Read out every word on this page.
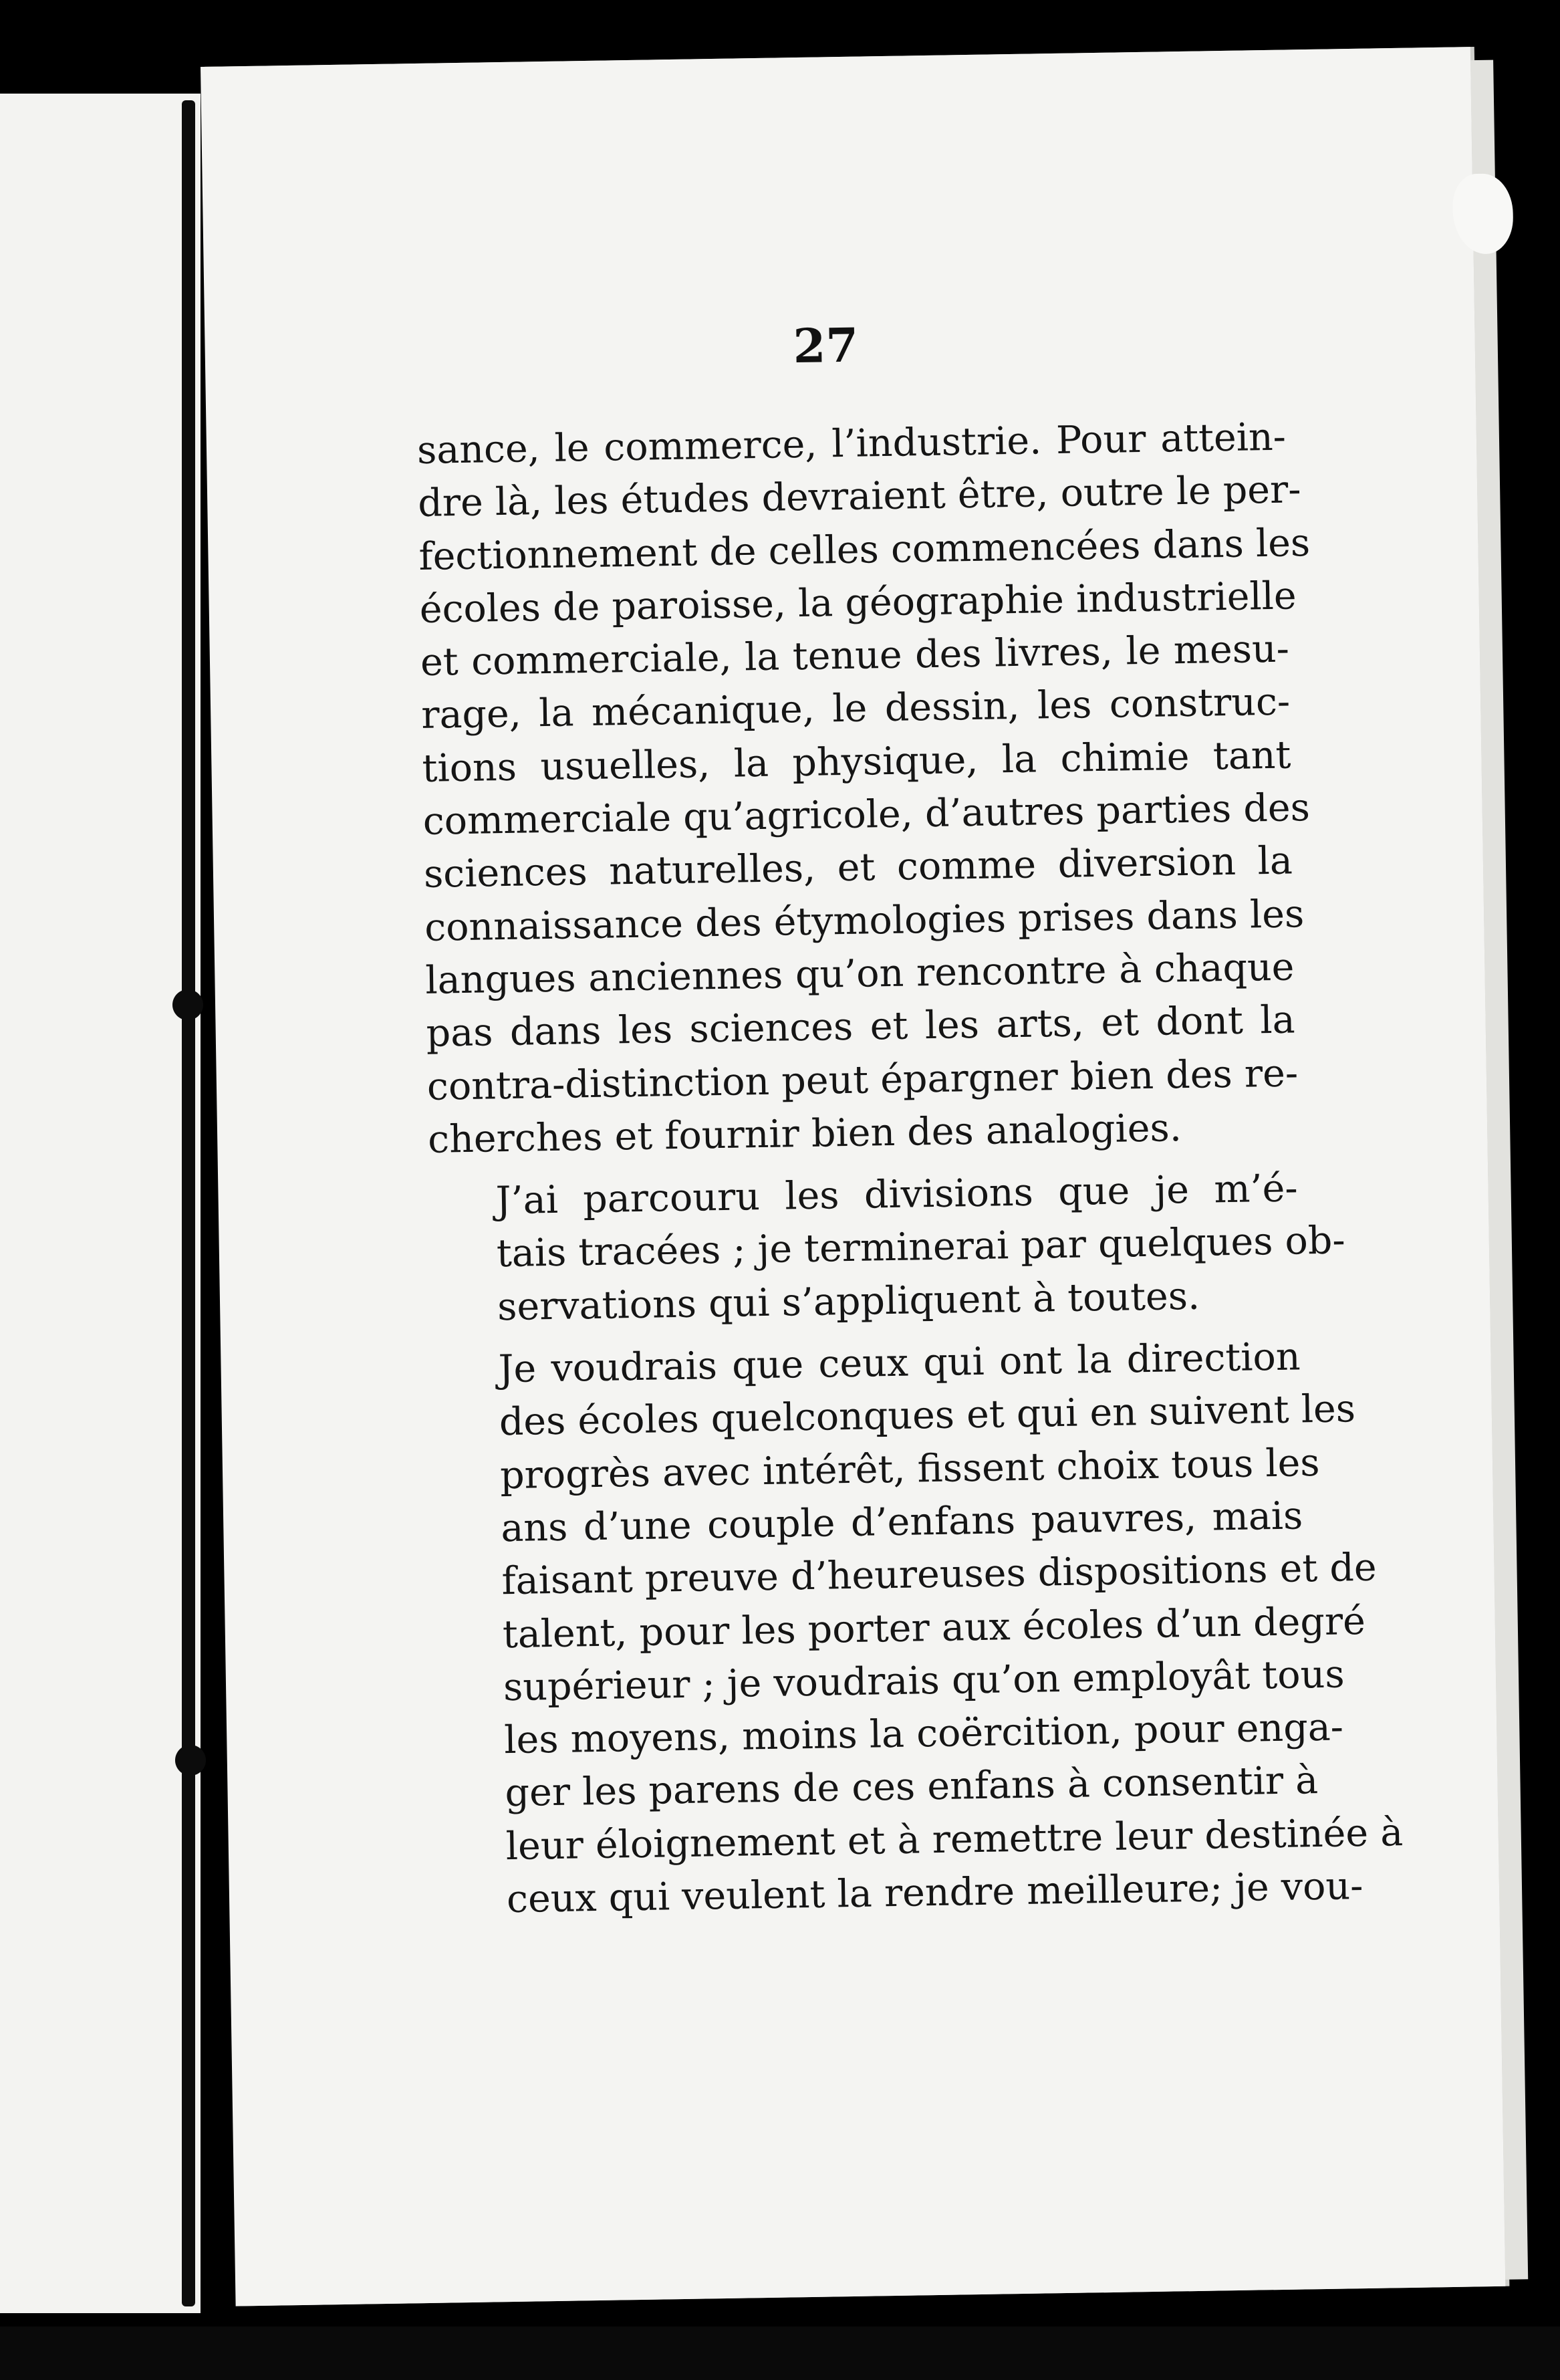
27

sance, le commerce, l’industrie. Pour attein-
dre là, les études devraient être, outre le per-
fectionnement de celles commencées dans les
écoles de paroisse, la géographie industrielle
et commerciale, la tenue des livres, le mesu-
rage, la mécanique, le dessin, les construc-
tions usuelles, la physique, la chimie tant
commerciale qu’agricole, d’autres parties des
sciences naturelles, et comme diversion la
connaissance des étymologies prises dans les
langues anciennes qu’on rencontre à chaque
pas dans les sciences et les arts, et dont la
contra-distinction peut épargner bien des re-
cherches et fournir bien des analogies.

J’ai parcouru les divisions que je m’é-
tais tracées ; je terminerai par quelques ob-
servations qui s’appliquent à toutes.

Je voudrais que ceux qui ont la direction
des écoles quelconques et qui en suivent les
progrès avec intérêt, fissent choix tous les
ans d’une couple d’enfans pauvres, mais
faisant preuve d’heureuses dispositions et de
talent, pour les porter aux écoles d’un degré
supérieur ; je voudrais qu’on employât tous
les moyens, moins la coërcition, pour enga-
ger les parens de ces enfans à consentir à
leur éloignement et à remettre leur destinée à
ceux qui veulent la rendre meilleure; je vou-
